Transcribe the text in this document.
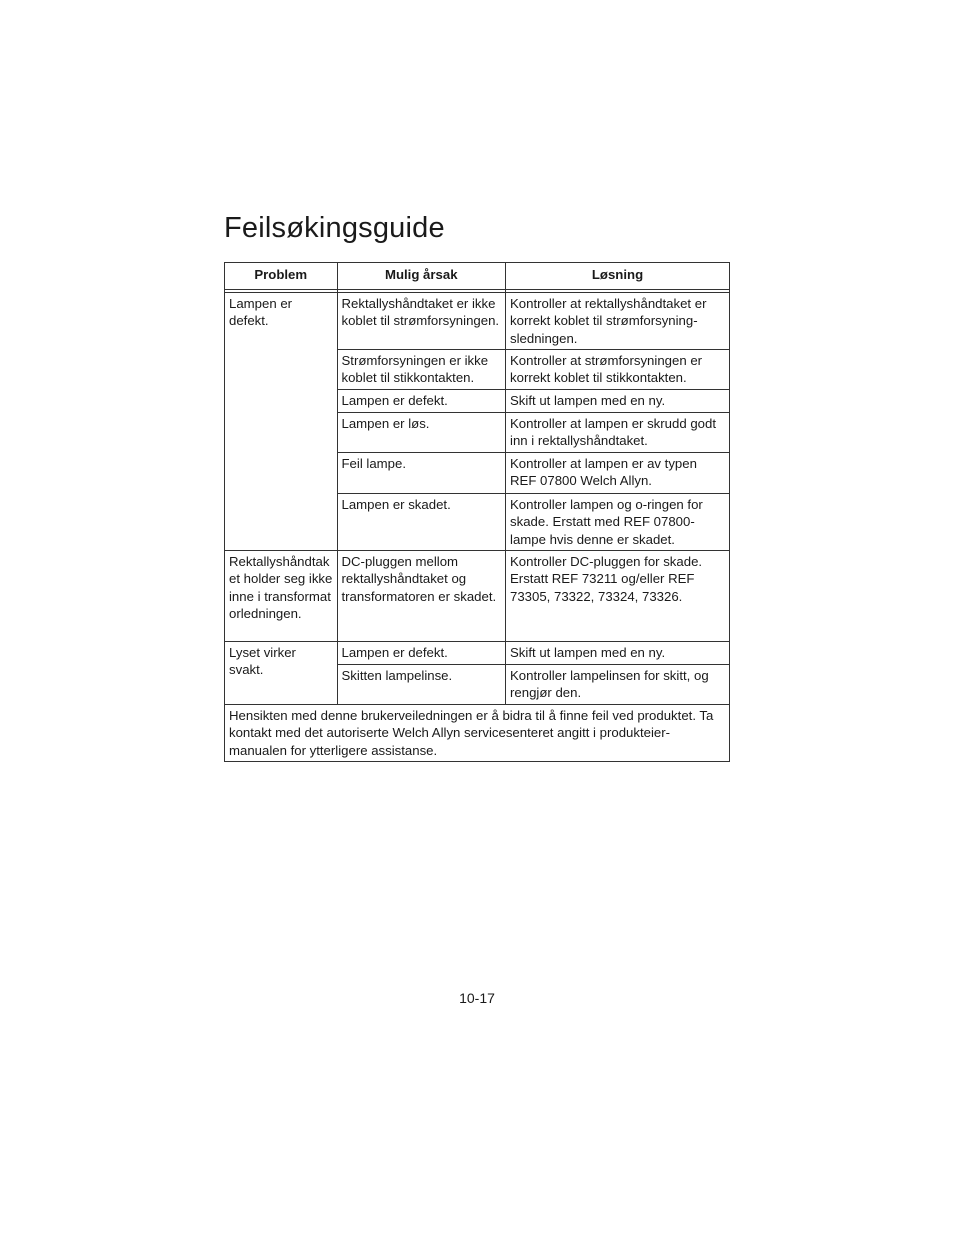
Feilsøkingsguide
Problem	Mulig årsak	Løsning

Lampen er defekt.	Rektallyshåndtaket er ikke koblet til strømforsyningen.	Kontroller at rektallyshåndtaket er korrekt koblet til strømforsyning-sledningen.
	Strømforsyningen er ikke koblet til stikkontakten.	Kontroller at strømforsyningen er korrekt koblet til stikkontakten.
	Lampen er defekt.	Skift ut lampen med en ny.
	Lampen er løs.	Kontroller at lampen er skrudd godt inn i rektallyshåndtaket.
	Feil lampe.	Kontroller at lampen er av typen REF 07800 Welch Allyn.
	Lampen er skadet.	Kontroller lampen og o-ringen for skade. Erstatt med REF 07800-lampe hvis denne er skadet.
Rektallyshåndtaket holder seg ikke inne i transformatorledningen.	DC-pluggen mellom rektallyshåndtaket og transformatoren er skadet.	Kontroller DC-pluggen for skade. Erstatt REF 73211 og/eller REF 73305, 73322, 73324, 73326.
Lyset virker svakt.	Lampen er defekt.	Skift ut lampen med en ny.
	Skitten lampelinse.	Kontroller lampelinsen for skitt, og rengjør den.
Hensikten med denne brukerveiledningen er å bidra til å finne feil ved produktet. Ta kontakt med det autoriserte Welch Allyn servicesenteret angitt i produkteier-manualen for ytterligere assistanse.		
10-17
